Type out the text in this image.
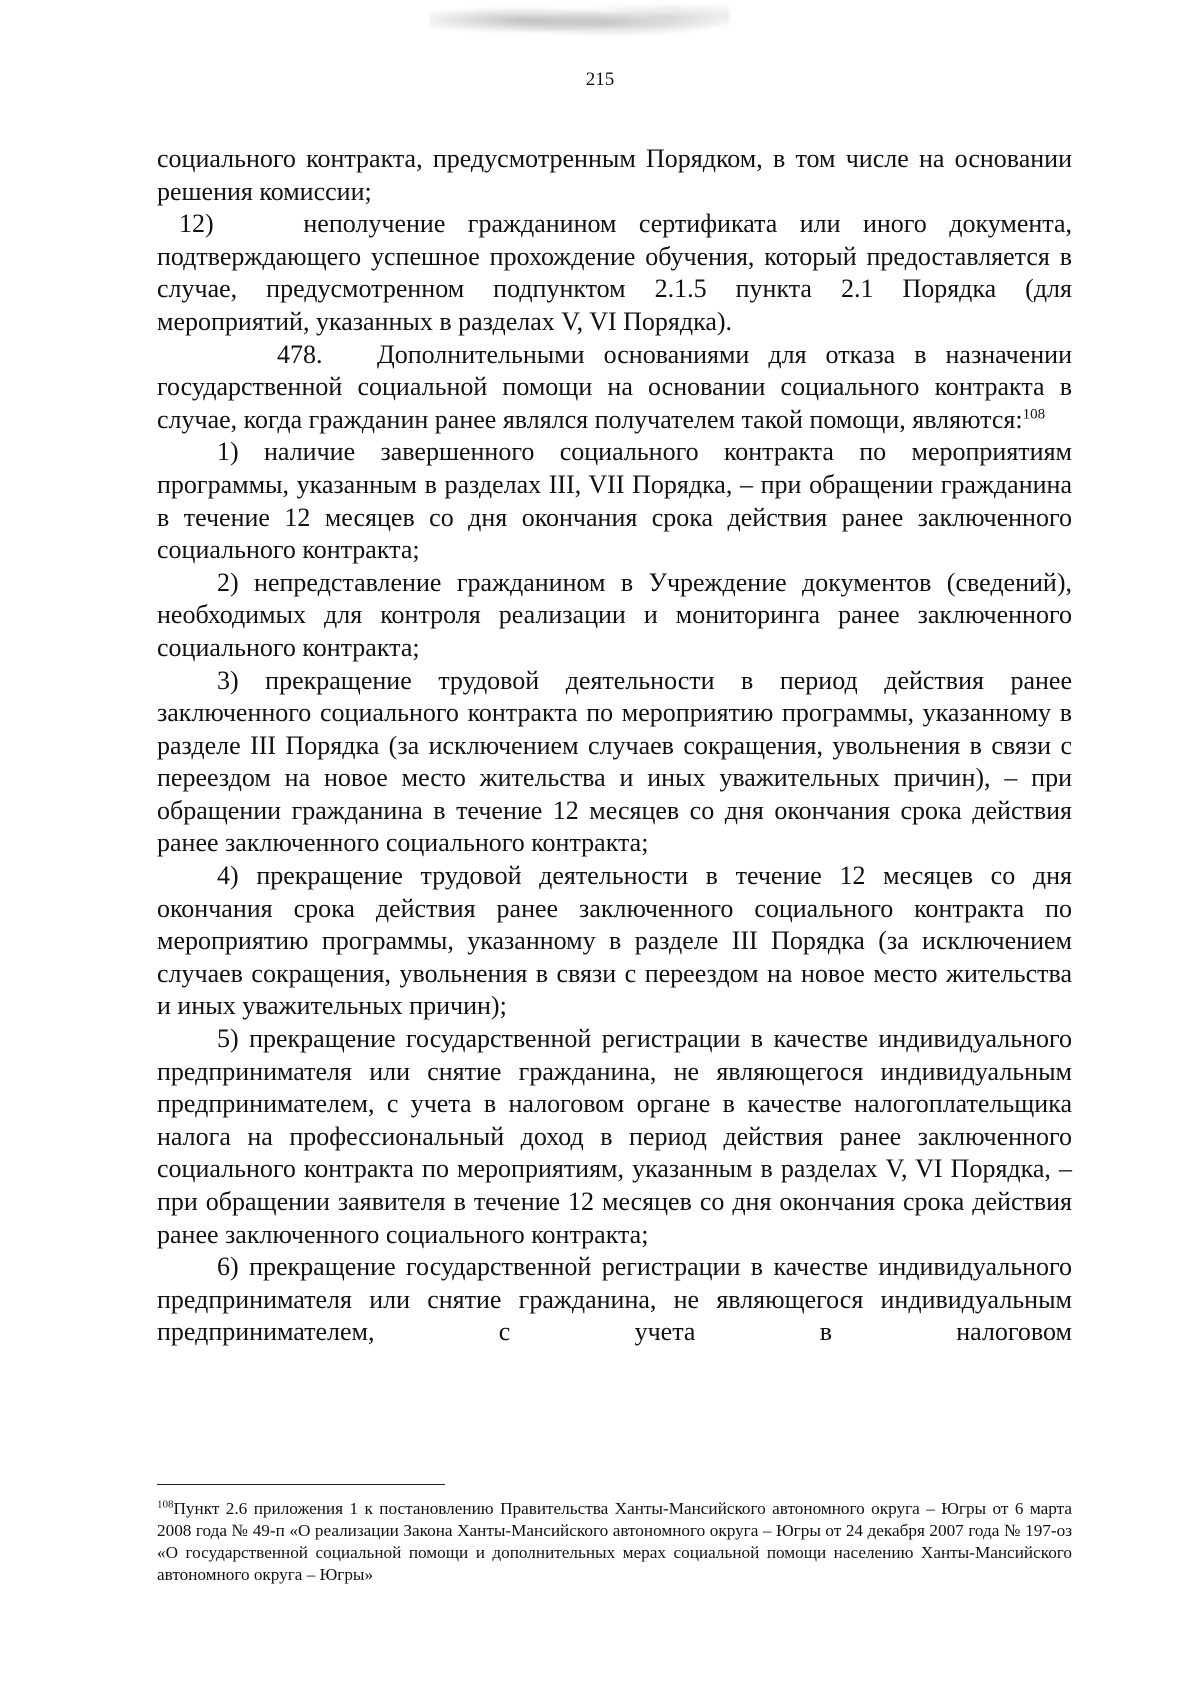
215

социального контракта, предусмотренным Порядком, в том числе на основании решения комиссии;

12)	неполучение гражданином сертификата или иного документа, подтверждающего успешное прохождение обучения, который предоставляется в случае, предусмотренном подпунктом 2.1.5 пункта 2.1 Порядка (для мероприятий, указанных в разделах V, VI Порядка).

478. Дополнительными основаниями для отказа в назначении государственной социальной помощи на основании социального контракта в случае, когда гражданин ранее являлся получателем такой помощи, являются:$^{108}$

1) наличие завершенного социального контракта по мероприятиям программы, указанным в разделах III, VII Порядка, – при обращении гражданина в течение 12 месяцев со дня окончания срока действия ранее заключенного социального контракта;

2) непредставление гражданином в Учреждение документов (сведений), необходимых для контроля реализации и мониторинга ранее заключенного социального контракта;

3) прекращение трудовой деятельности в период действия ранее заключенного социального контракта по мероприятию программы, указанному в разделе III Порядка (за исключением случаев сокращения, увольнения в связи с переездом на новое место жительства и иных уважительных причин), – при обращении гражданина в течение 12 месяцев со дня окончания срока действия ранее заключенного социального контракта;

4) прекращение трудовой деятельности в течение 12 месяцев со дня окончания срока действия ранее заключенного социального контракта по мероприятию программы, указанному в разделе III Порядка (за исключением случаев сокращения, увольнения в связи с переездом на новое место жительства и иных уважительных причин);

5) прекращение государственной регистрации в качестве индивидуального предпринимателя или снятие гражданина, не являющегося индивидуальным предпринимателем, с учета в налоговом органе в качестве налогоплательщика налога на профессиональный доход в период действия ранее заключенного социального контракта по мероприятиям, указанным в разделах V, VI Порядка, – при обращении заявителя в течение 12 месяцев со дня окончания срока действия ранее заключенного социального контракта;

6) прекращение государственной регистрации в качестве индивидуального предпринимателя или снятие гражданина, не являющегося индивидуальным предпринимателем, с учета в налоговом

$^{108}$Пункт 2.6 приложения 1 к постановлению Правительства Ханты-Мансийского автономного округа – Югры от 6 марта 2008 года № 49-п «О реализации Закона Ханты-Мансийского автономного округа – Югры от 24 декабря 2007 года № 197-оз «О государственной социальной помощи и дополнительных мерах социальной помощи населению Ханты-Мансийского автономного округа – Югры»
